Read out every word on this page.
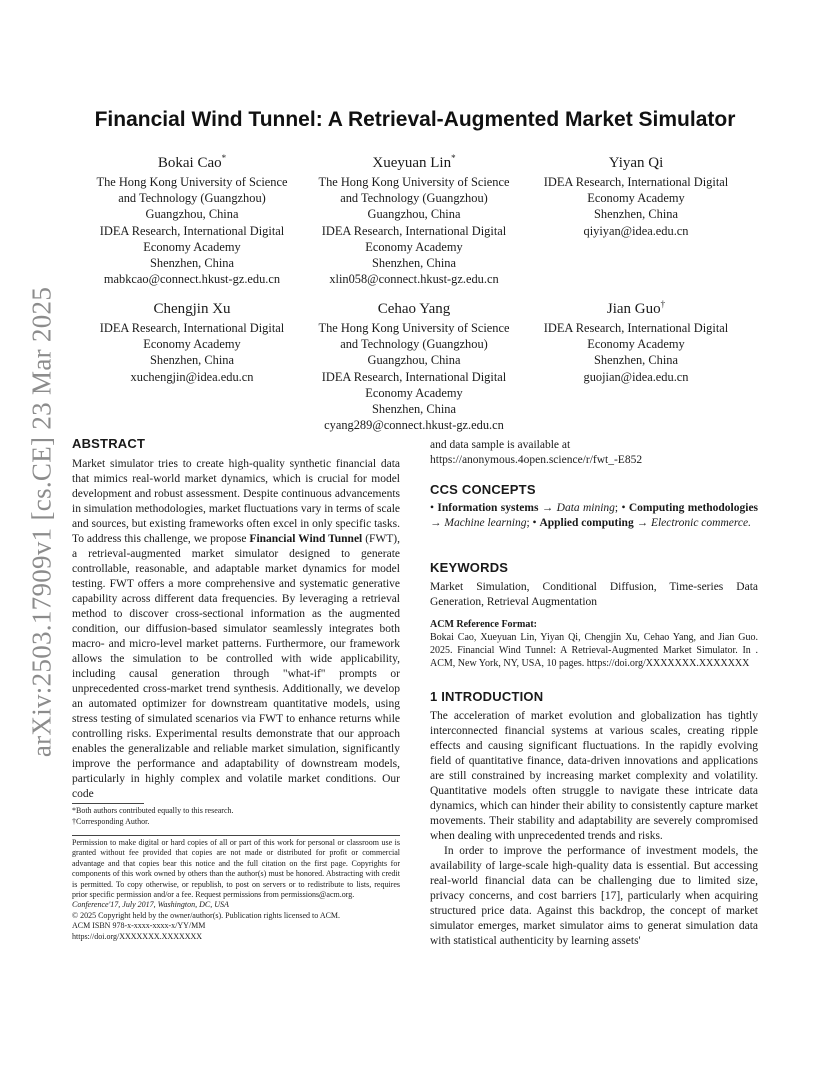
arXiv:2503.17909v1 [cs.CE] 23 Mar 2025
Financial Wind Tunnel: A Retrieval-Augmented Market Simulator
Bokai Cao*
The Hong Kong University of Science
and Technology (Guangzhou)
Guangzhou, China
IDEA Research, International Digital
Economy Academy
Shenzhen, China
mabkcao@connect.hkust-gz.edu.cn
Xueyuan Lin*
The Hong Kong University of Science
and Technology (Guangzhou)
Guangzhou, China
IDEA Research, International Digital
Economy Academy
Shenzhen, China
xlin058@connect.hkust-gz.edu.cn
Yiyan Qi
IDEA Research, International Digital
Economy Academy
Shenzhen, China
qiyiyan@idea.edu.cn
Chengjin Xu
IDEA Research, International Digital
Economy Academy
Shenzhen, China
xuchengjin@idea.edu.cn
Cehao Yang
The Hong Kong University of Science
and Technology (Guangzhou)
Guangzhou, China
IDEA Research, International Digital
Economy Academy
Shenzhen, China
cyang289@connect.hkust-gz.edu.cn
Jian Guo†
IDEA Research, International Digital
Economy Academy
Shenzhen, China
guojian@idea.edu.cn
ABSTRACT

Market simulator tries to create high-quality synthetic financial data that mimics real-world market dynamics, which is crucial for model development and robust assessment. Despite continuous advancements in simulation methodologies, market fluctuations vary in terms of scale and sources, but existing frameworks often excel in only specific tasks. To address this challenge, we propose Financial Wind Tunnel (FWT), a retrieval-augmented market simulator designed to generate controllable, reasonable, and adaptable market dynamics for model testing. FWT offers a more comprehensive and systematic generative capability across different data frequencies. By leveraging a retrieval method to discover cross-sectional information as the augmented condition, our diffusion-based simulator seamlessly integrates both macro- and micro-level market patterns. Furthermore, our framework allows the simulation to be controlled with wide applicability, including causal generation through "what-if" prompts or unprecedented cross-market trend synthesis. Additionally, we develop an automated optimizer for downstream quantitative models, using stress testing of simulated scenarios via FWT to enhance returns while controlling risks. Experimental results demonstrate that our approach enables the generalizable and reliable market simulation, significantly improve the performance and adaptability of downstream models, particularly in highly complex and volatile market conditions. Our code

*Both authors contributed equally to this research.
†Corresponding Author.

Permission to make digital or hard copies of all or part of this work for personal or classroom use is granted without fee provided that copies are not made or distributed for profit or commercial advantage and that copies bear this notice and the full citation on the first page. Copyrights for components of this work owned by others than the author(s) must be honored. Abstracting with credit is permitted. To copy otherwise, or republish, to post on servers or to redistribute to lists, requires prior specific permission and/or a fee. Request permissions from permissions@acm.org.

Conference'17, July 2017, Washington, DC, USA

© 2025 Copyright held by the owner/author(s). Publication rights licensed to ACM.

ACM ISBN 978-x-xxxx-xxxx-x/YY/MM

https://doi.org/XXXXXXX.XXXXXXX

and data sample is available at https://anonymous.4open.science/r/fwt_-E852
CCS CONCEPTS
• Information systems → Data mining; • Computing methodologies → Machine learning; • Applied computing → Electronic commerce.
KEYWORDS
Market Simulation, Conditional Diffusion, Time-series Data Generation, Retrieval Augmentation

ACM Reference Format:

Bokai Cao, Xueyuan Lin, Yiyan Qi, Chengjin Xu, Cehao Yang, and Jian Guo. 2025. Financial Wind Tunnel: A Retrieval-Augmented Market Simulator. In . ACM, New York, NY, USA, 10 pages. https://doi.org/XXXXXXX.XXXXXXX

1 INTRODUCTION

The acceleration of market evolution and globalization has tightly interconnected financial systems at various scales, creating ripple effects and causing significant fluctuations. In the rapidly evolving field of quantitative finance, data-driven innovations and applications are still constrained by increasing market complexity and volatility. Quantitative models often struggle to navigate these intricate data dynamics, which can hinder their ability to consistently capture market movements. Their stability and adaptability are severely compromised when dealing with unprecedented trends and risks.

In order to improve the performance of investment models, the availability of large-scale high-quality data is essential. But accessing real-world financial data can be challenging due to limited size, privacy concerns, and cost barriers [17], particularly when acquiring structured price data. Against this backdrop, the concept of market simulator emerges, market simulator aims to generat simulation data with statistical authenticity by learning assets'
